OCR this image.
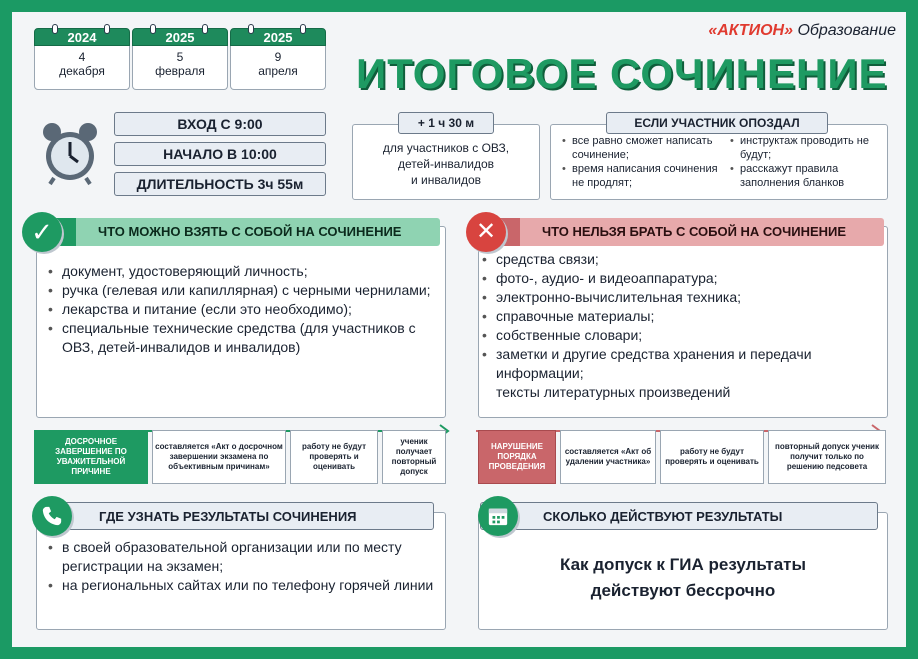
2024
4
декабря
2025
5
февраля
2025
9
апреля
«АКТИОН» Образование
ИТОГОВОЕ СОЧИНЕНИЕ
ВХОД С 9:00
НАЧАЛО В 10:00
ДЛИТЕЛЬНОСТЬ 3ч 55м
+ 1 ч 30 м
для участников с ОВЗ,
детей-инвалидов
и инвалидов
ЕСЛИ УЧАСТНИК ОПОЗДАЛ
• все равно сможет написать сочинение;
• время написания сочинения не продлят;
• инструктаж проводить не будут;
• расскажут правила заполнения бланков
ЧТО МОЖНО ВЗЯТЬ С СОБОЙ НА СОЧИНЕНИЕ
✓
• документ, удостоверяющий личность;
• ручка (гелевая или капиллярная) с черными чернилами;
• лекарства и питание (если это необходимо);
• специальные технические средства (для участников с ОВЗ, детей-инвалидов и инвалидов)
ЧТО НЕЛЬЗЯ БРАТЬ С СОБОЙ НА СОЧИНЕНИЕ
✕
• средства связи;
• фото-, аудио- и видеоаппаратура;
• электронно-вычислительная техника;
• справочные материалы;
• собственные словари;
• заметки и другие средства хранения и передачи информации;
тексты литературных произведений
ДОСРОЧНОЕ ЗАВЕРШЕНИЕ ПО УВАЖИТЕЛЬНОЙ ПРИЧИНЕ
составляется «Акт о досрочном завершении экзамена по объективным причинам»
работу не будут проверять и оценивать
ученик получает повторный допуск
НАРУШЕНИЕ ПОРЯДКА ПРОВЕДЕНИЯ
составляется «Акт об удалении участника»
работу не будут проверять и оценивать
повторный допуск ученик получит только по решению педсовета
ГДЕ УЗНАТЬ РЕЗУЛЬТАТЫ СОЧИНЕНИЯ
• в своей образовательной организации или по месту регистрации на экзамен;
• на региональных сайтах или по телефону горячей линии
СКОЛЬКО ДЕЙСТВУЮТ РЕЗУЛЬТАТЫ
Как допуск к ГИА результаты
действуют бессрочно
